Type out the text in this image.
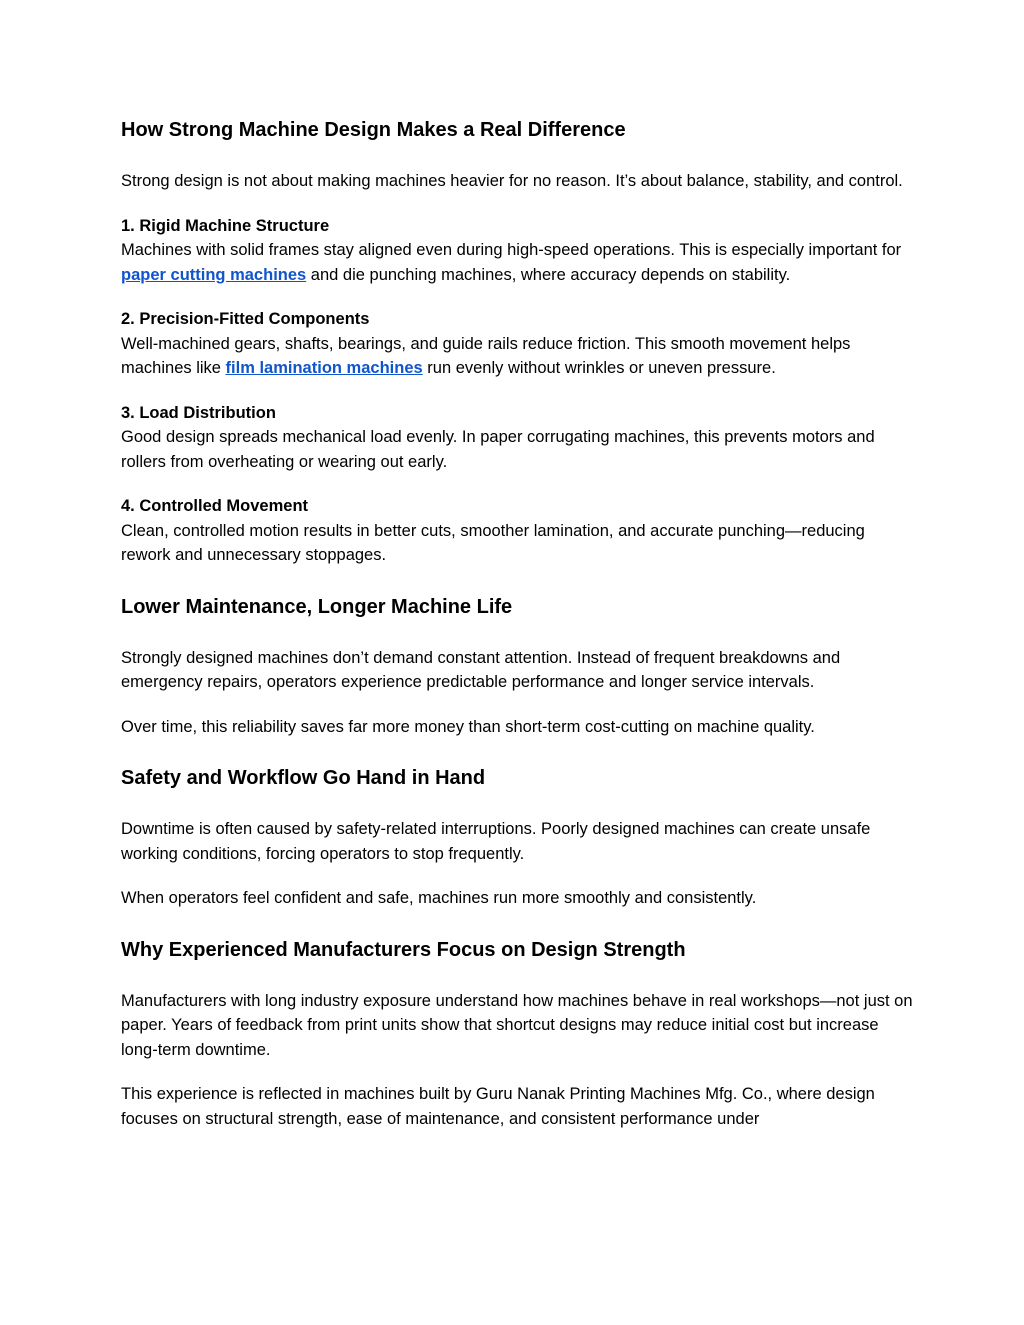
How Strong Machine Design Makes a Real Difference

Strong design is not about making machines heavier for no reason. It’s about balance, stability, and control.

1. Rigid Machine Structure
Machines with solid frames stay aligned even during high-speed operations. This is especially important for paper cutting machines and die punching machines, where accuracy depends on stability.

2. Precision-Fitted Components
Well-machined gears, shafts, bearings, and guide rails reduce friction. This smooth movement helps machines like film lamination machines run evenly without wrinkles or uneven pressure.

3. Load Distribution
Good design spreads mechanical load evenly. In paper corrugating machines, this prevents motors and rollers from overheating or wearing out early.

4. Controlled Movement
Clean, controlled motion results in better cuts, smoother lamination, and accurate punching—reducing rework and unnecessary stoppages.

Lower Maintenance, Longer Machine Life

Strongly designed machines don’t demand constant attention. Instead of frequent breakdowns and emergency repairs, operators experience predictable performance and longer service intervals.

Over time, this reliability saves far more money than short-term cost-cutting on machine quality.

Safety and Workflow Go Hand in Hand

Downtime is often caused by safety-related interruptions. Poorly designed machines can create unsafe working conditions, forcing operators to stop frequently.

When operators feel confident and safe, machines run more smoothly and consistently.

Why Experienced Manufacturers Focus on Design Strength

Manufacturers with long industry exposure understand how machines behave in real workshops—not just on paper. Years of feedback from print units show that shortcut designs may reduce initial cost but increase long-term downtime.

This experience is reflected in machines built by Guru Nanak Printing Machines Mfg. Co., where design focuses on structural strength, ease of maintenance, and consistent performance under
